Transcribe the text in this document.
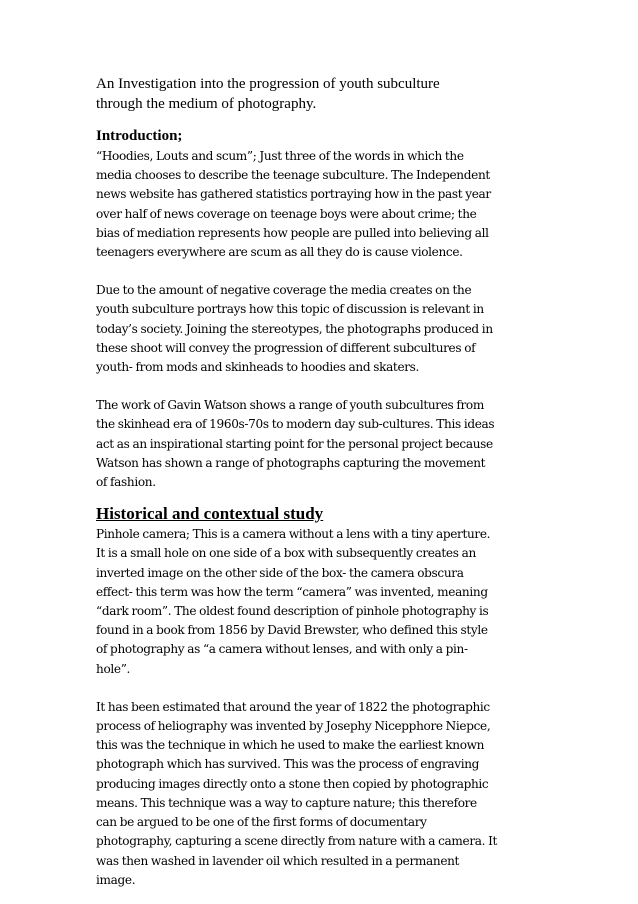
An Investigation into the progression of youth subculture
through the medium of photography.
Introduction;
“Hoodies, Louts and scum”; Just three of the words in which the
media chooses to describe the teenage subculture. The Independent
news website has gathered statistics portraying how in the past year
over half of news coverage on teenage boys were about crime; the
bias of mediation represents how people are pulled into believing all
teenagers everywhere are scum as all they do is cause violence.
Due to the amount of negative coverage the media creates on the
youth subculture portrays how this topic of discussion is relevant in
today’s society. Joining the stereotypes, the photographs produced in
these shoot will convey the progression of different subcultures of
youth- from mods and skinheads to hoodies and skaters.
The work of Gavin Watson shows a range of youth subcultures from
the skinhead era of 1960s-70s to modern day sub-cultures. This ideas
act as an inspirational starting point for the personal project because
Watson has shown a range of photographs capturing the movement
of fashion.
Historical and contextual study
Pinhole camera; This is a camera without a lens with a tiny aperture.
It is a small hole on one side of a box with subsequently creates an
inverted image on the other side of the box- the camera obscura
effect- this term was how the term “camera” was invented, meaning
“dark room”. The oldest found description of pinhole photography is
found in a book from 1856 by David Brewster, who defined this style
of photography as “a camera without lenses, and with only a pin-
hole”.
It has been estimated that around the year of 1822 the photographic
process of heliography was invented by Josephy Nicepphore Niepce,
this was the technique in which he used to make the earliest known
photograph which has survived. This was the process of engraving
producing images directly onto a stone then copied by photographic
means. This technique was a way to capture nature; this therefore
can be argued to be one of the first forms of documentary
photography, capturing a scene directly from nature with a camera. It
was then washed in lavender oil which resulted in a permanent
image.
